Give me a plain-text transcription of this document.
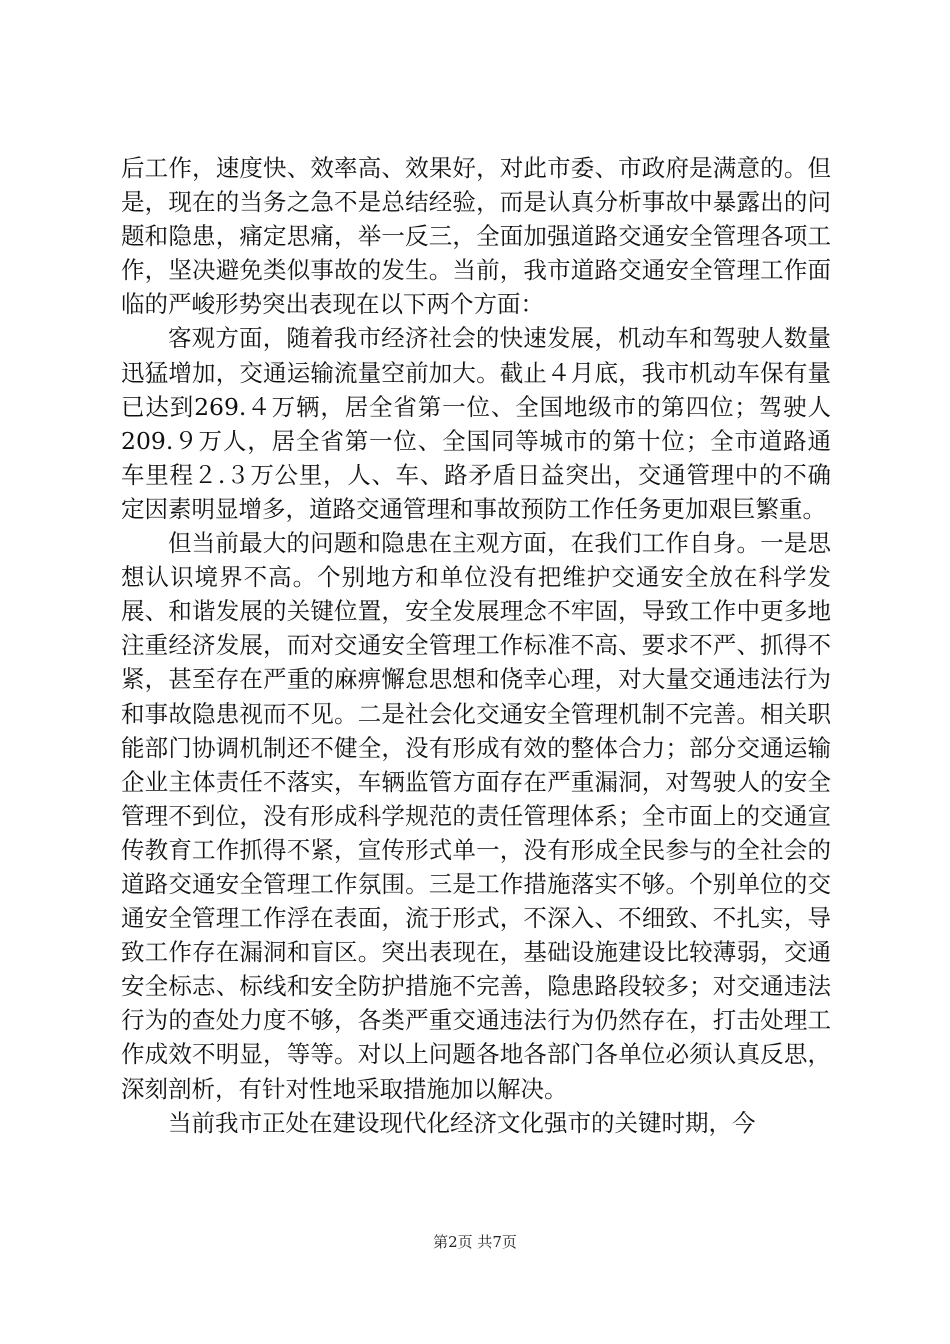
后工作，速度快、效率高、效果好，对此市委、市政府是满意的。但是，现在的当务之急不是总结经验，而是认真分析事故中暴露出的问题和隐患，痛定思痛，举一反三，全面加强道路交通安全管理各项工作，坚决避免类似事故的发生。当前，我市道路交通安全管理工作面临的严峻形势突出表现在以下两个方面：

客观方面，随着我市经济社会的快速发展，机动车和驾驶人数量迅猛增加，交通运输流量空前加大。截止４月底，我市机动车保有量已达到269.４万辆，居全省第一位、全国地级市的第四位；驾驶人209.９万人，居全省第一位、全国同等城市的第十位；全市道路通车里程２.３万公里，人、车、路矛盾日益突出，交通管理中的不确定因素明显增多，道路交通管理和事故预防工作任务更加艰巨繁重。

但当前最大的问题和隐患在主观方面，在我们工作自身。一是思想认识境界不高。个别地方和单位没有把维护交通安全放在科学发展、和谐发展的关键位置，安全发展理念不牢固，导致工作中更多地注重经济发展，而对交通安全管理工作标准不高、要求不严、抓得不紧，甚至存在严重的麻痹懈怠思想和侥幸心理，对大量交通违法行为和事故隐患视而不见。二是社会化交通安全管理机制不完善。相关职能部门协调机制还不健全，没有形成有效的整体合力；部分交通运输企业主体责任不落实，车辆监管方面存在严重漏洞，对驾驶人的安全管理不到位，没有形成科学规范的责任管理体系；全市面上的交通宣传教育工作抓得不紧，宣传形式单一，没有形成全民参与的全社会的道路交通安全管理工作氛围。三是工作措施落实不够。个别单位的交通安全管理工作浮在表面，流于形式，不深入、不细致、不扎实，导致工作存在漏洞和盲区。突出表现在，基础设施建设比较薄弱，交通安全标志、标线和安全防护措施不完善，隐患路段较多；对交通违法行为的查处力度不够，各类严重交通违法行为仍然存在，打击处理工作成效不明显，等等。对以上问题各地各部门各单位必须认真反思，深刻剖析，有针对性地采取措施加以解决。

当前我市正处在建设现代化经济文化强市的关键时期，今

第2页 共7页
